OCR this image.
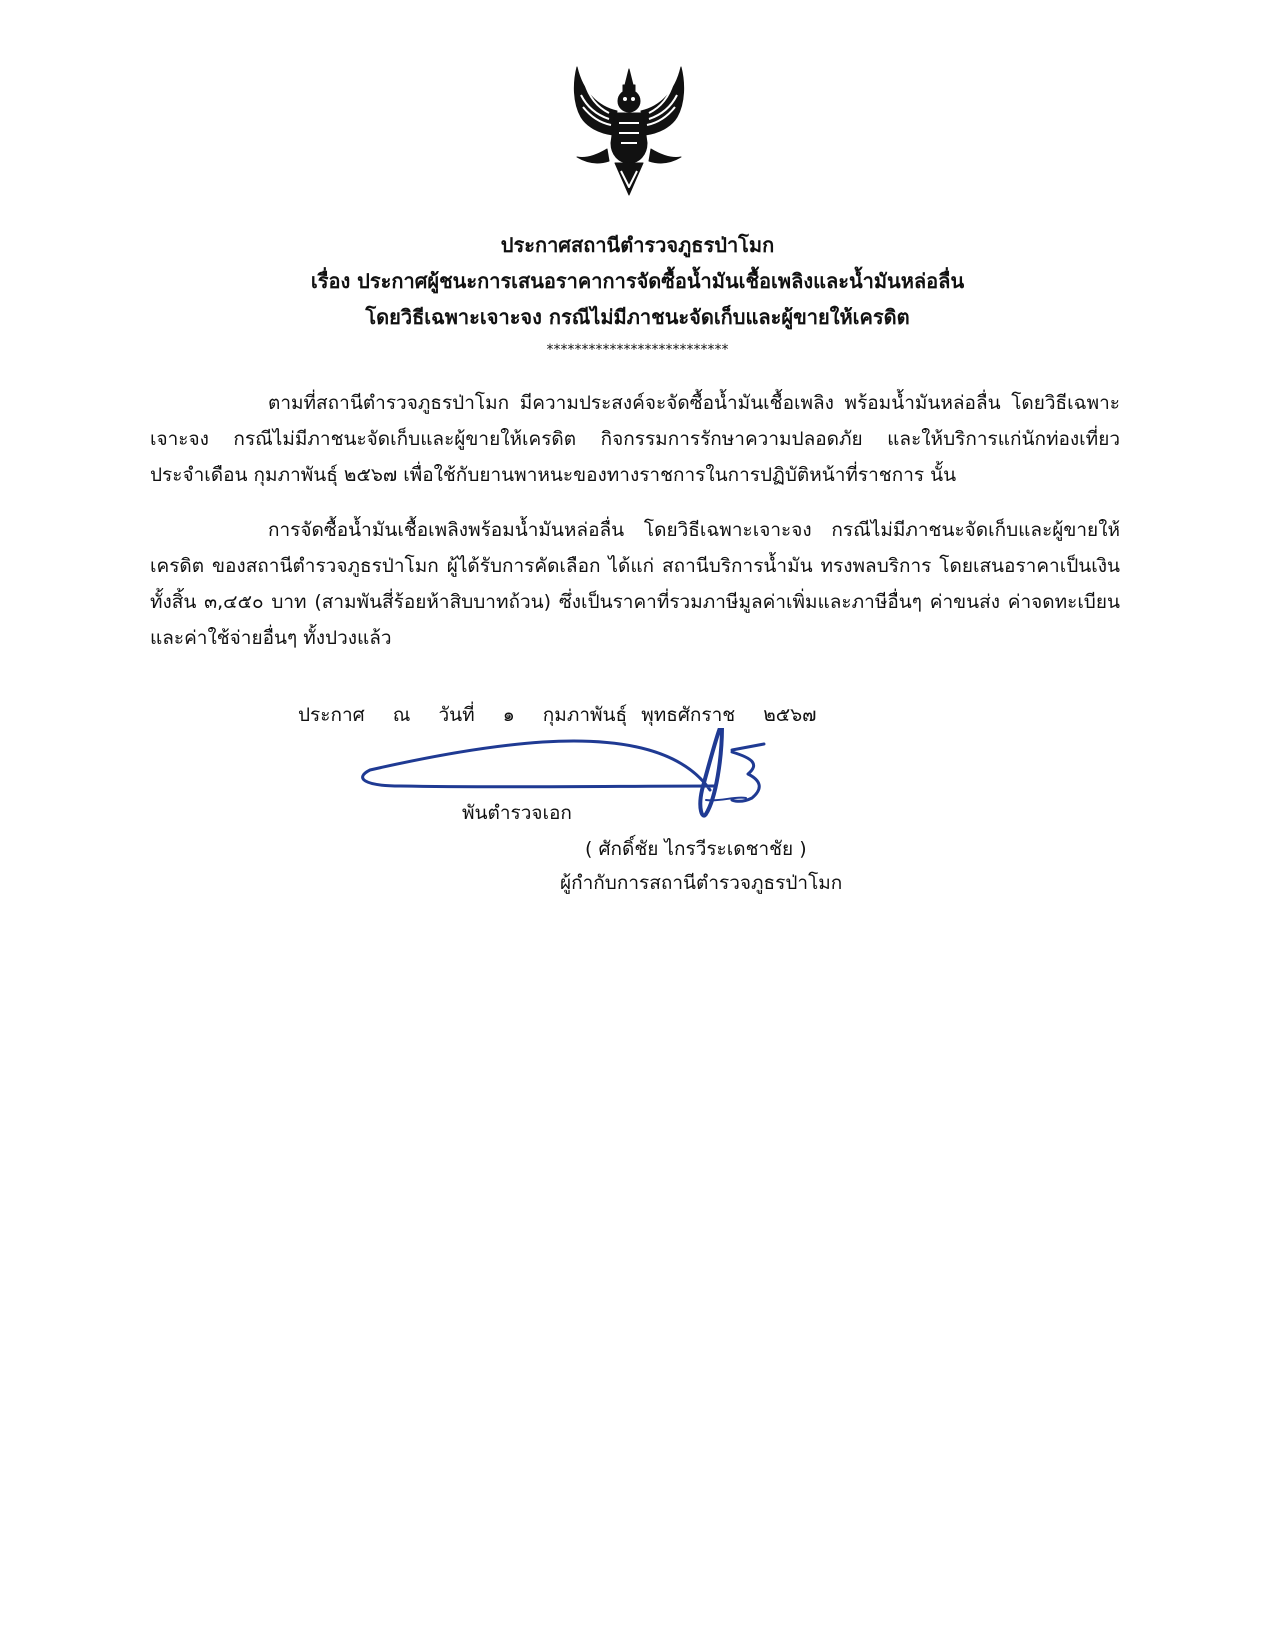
ประกาศสถานีตำรวจภูธรป่าโมก
เรื่อง ประกาศผู้ชนะการเสนอราคาการจัดซื้อน้ำมันเชื้อเพลิงและน้ำมันหล่อลื่น
โดยวิธีเฉพาะเจาะจง กรณีไม่มีภาชนะจัดเก็บและผู้ขายให้เครดิต
**************************

ตามที่สถานีตำรวจภูธรป่าโมก มีความประสงค์จะจัดซื้อน้ำมันเชื้อเพลิง พร้อมน้ำมันหล่อลื่น โดยวิธีเฉพาะเจาะจง กรณีไม่มีภาชนะจัดเก็บและผู้ขายให้เครดิต กิจกรรมการรักษาความปลอดภัย และให้บริการแก่นักท่องเที่ยว ประจำเดือน กุมภาพันธุ์ ๒๕๖๗ เพื่อใช้กับยานพาหนะของทางราชการในการปฏิบัติหน้าที่ราชการ นั้น

การจัดซื้อน้ำมันเชื้อเพลิงพร้อมน้ำมันหล่อลื่น โดยวิธีเฉพาะเจาะจง กรณีไม่มีภาชนะจัดเก็บและผู้ขายให้เครดิต ของสถานีตำรวจภูธรป่าโมก ผู้ได้รับการคัดเลือก ได้แก่ สถานีบริการน้ำมัน ทรงพลบริการ โดยเสนอราคาเป็นเงินทั้งสิ้น ๓,๔๕๐ บาท (สามพันสี่ร้อยห้าสิบบาทถ้วน) ซึ่งเป็นราคาที่รวมภาษีมูลค่าเพิ่มและภาษีอื่นๆ ค่าขนส่ง ค่าจดทะเบียน และค่าใช้จ่ายอื่นๆ ทั้งปวงแล้ว

ประกาศ ณ วันที่ ๑ กุมภาพันธุ์ พุทธศักราช ๒๕๖๗
พันตำรวจเอก
( ศักดิ์ชัย ไกรวีระเดชาชัย )
ผู้กำกับการสถานีตำรวจภูธรป่าโมก
